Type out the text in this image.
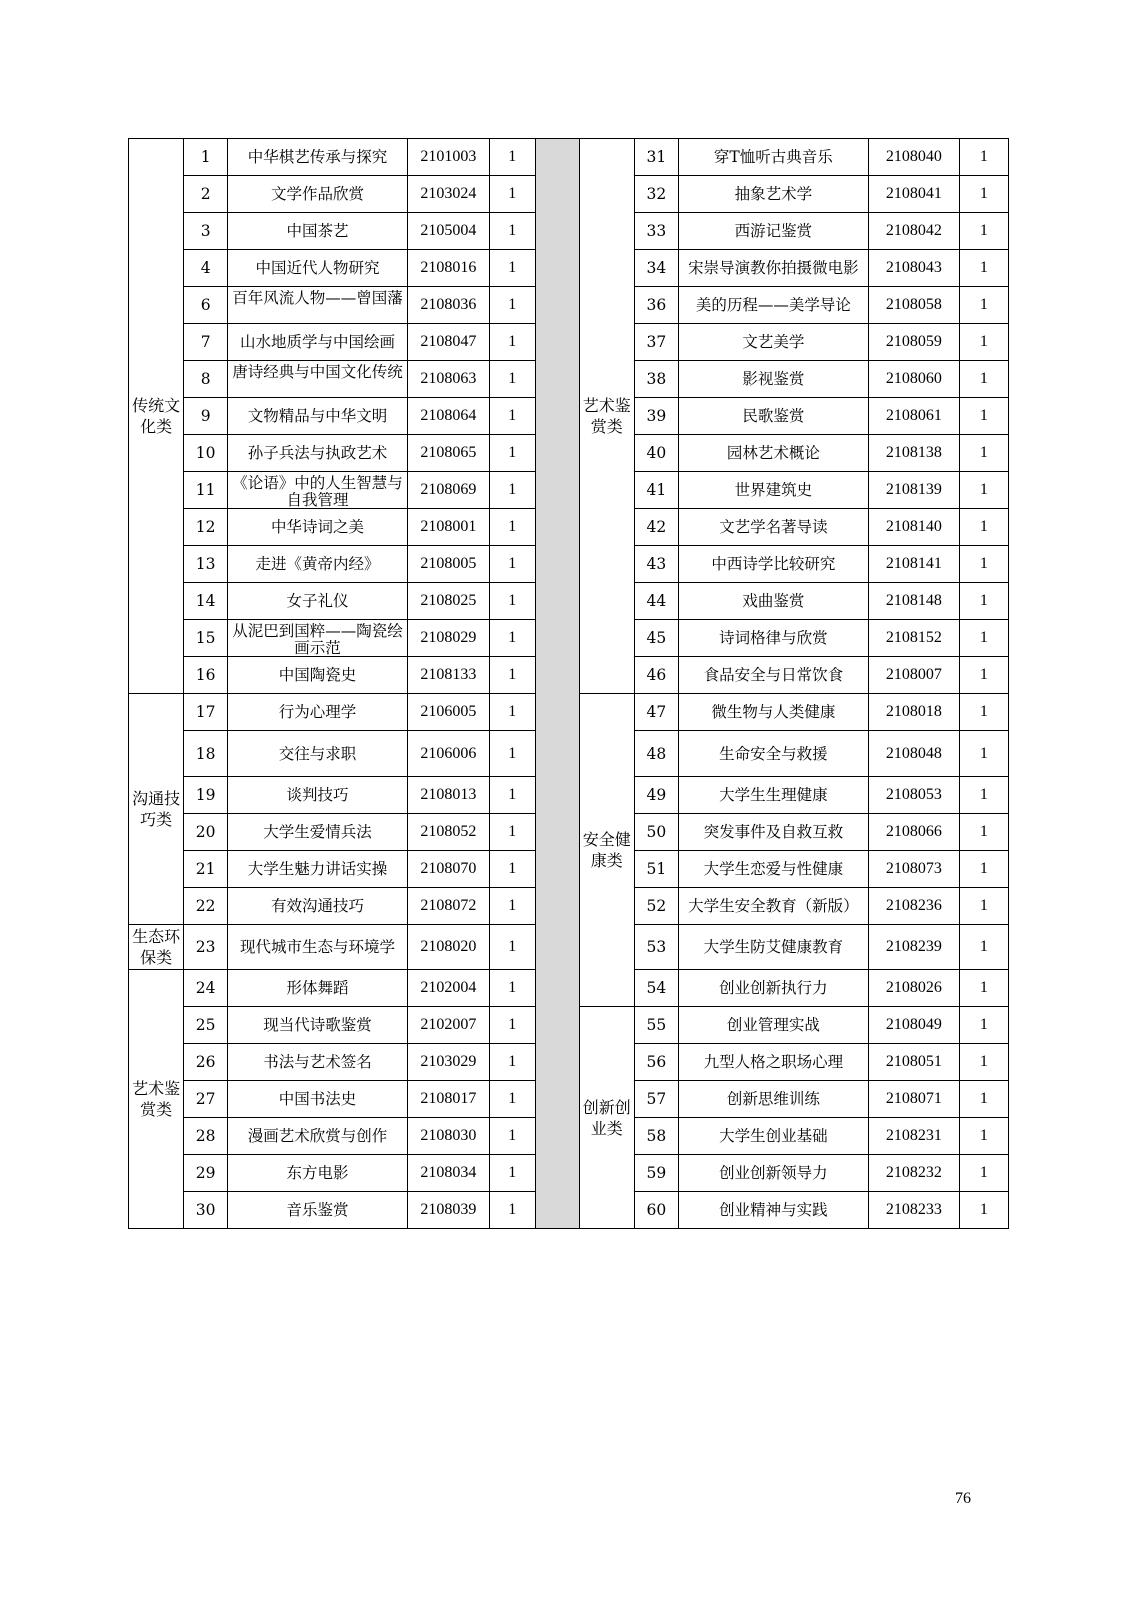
传统文化类	1	中华棋艺传承与探究	2101003	1		艺术鉴赏类	31	穿T恤听古典音乐	2108040	1
	2	文学作品欣赏	2103024	1			32	抽象艺术学	2108041	1
	3	中国茶艺	2105004	1			33	西游记鉴赏	2108042	1
	4	中国近代人物研究	2108016	1			34	宋崇导演教你拍摄微电影	2108043	1
	6	百年风流人物——曾国藩	2108036	1			36	美的历程——美学导论	2108058	1
	7	山水地质学与中国绘画	2108047	1			37	文艺美学	2108059	1
	8	唐诗经典与中国文化传统	2108063	1			38	影视鉴赏	2108060	1
	9	文物精品与中华文明	2108064	1			39	民歌鉴赏	2108061	1
	10	孙子兵法与执政艺术	2108065	1			40	园林艺术概论	2108138	1
	11	《论语》中的人生智慧与自我管理	2108069	1			41	世界建筑史	2108139	1
	12	中华诗词之美	2108001	1			42	文艺学名著导读	2108140	1
	13	走进《黄帝内经》	2108005	1			43	中西诗学比较研究	2108141	1
	14	女子礼仪	2108025	1			44	戏曲鉴赏	2108148	1
	15	从泥巴到国粹——陶瓷绘画示范	2108029	1			45	诗词格律与欣赏	2108152	1
	16	中国陶瓷史	2108133	1			46	食品安全与日常饮食	2108007	1
沟通技巧类	17	行为心理学	2106005	1		安全健康类	47	微生物与人类健康	2108018	1
	18	交往与求职	2106006	1			48	生命安全与救援	2108048	1
	19	谈判技巧	2108013	1			49	大学生生理健康	2108053	1
	20	大学生爱情兵法	2108052	1			50	突发事件及自救互救	2108066	1
	21	大学生魅力讲话实操	2108070	1			51	大学生恋爱与性健康	2108073	1
	22	有效沟通技巧	2108072	1			52	大学生安全教育（新版）	2108236	1
生态环保类	23	现代城市生态与环境学	2108020	1			53	大学生防艾健康教育	2108239	1
艺术鉴赏类	24	形体舞蹈	2102004	1			54	创业创新执行力	2108026	1
	25	现当代诗歌鉴赏	2102007	1		创新创业类	55	创业管理实战	2108049	1
	26	书法与艺术签名	2103029	1			56	九型人格之职场心理	2108051	1
	27	中国书法史	2108017	1			57	创新思维训练	2108071	1
	28	漫画艺术欣赏与创作	2108030	1			58	大学生创业基础	2108231	1
	29	东方电影	2108034	1			59	创业创新领导力	2108232	1
	30	音乐鉴赏	2108039	1			60	创业精神与实践	2108233	1
76
